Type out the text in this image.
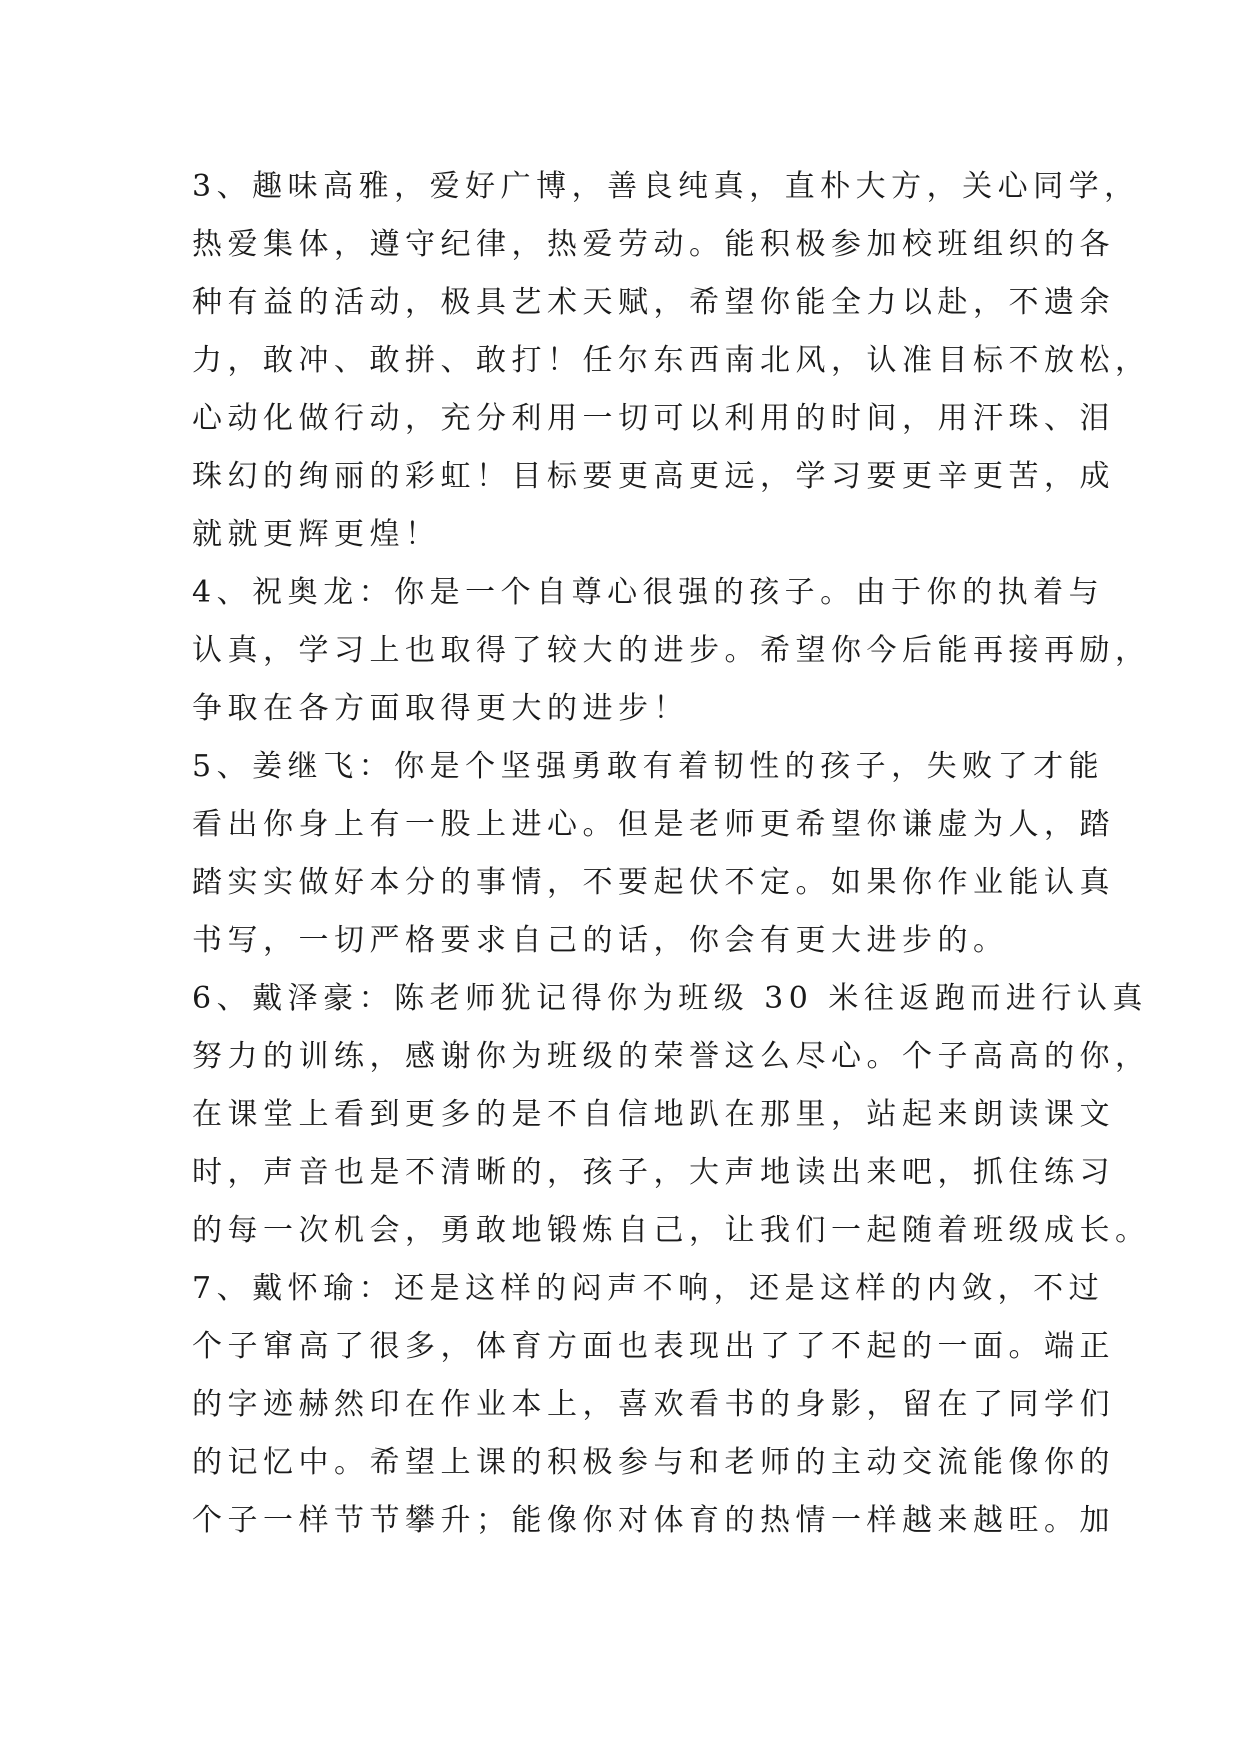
3、趣味高雅，爱好广博，善良纯真，直朴大方，关心同学，
热爱集体，遵守纪律，热爱劳动。能积极参加校班组织的各
种有益的活动，极具艺术天赋，希望你能全力以赴，不遗余
力，敢冲、敢拼、敢打！任尔东西南北风，认准目标不放松，
心动化做行动，充分利用一切可以利用的时间，用汗珠、泪
珠幻的绚丽的彩虹！目标要更高更远，学习要更辛更苦，成
就就更辉更煌！
4、祝奥龙：你是一个自尊心很强的孩子。由于你的执着与
认真，学习上也取得了较大的进步。希望你今后能再接再励，
争取在各方面取得更大的进步！
5、姜继飞：你是个坚强勇敢有着韧性的孩子，失败了才能
看出你身上有一股上进心。但是老师更希望你谦虚为人，踏
踏实实做好本分的事情，不要起伏不定。如果你作业能认真
书写，一切严格要求自己的话，你会有更大进步的。
6、戴泽豪：陈老师犹记得你为班级 30 米往返跑而进行认真
努力的训练，感谢你为班级的荣誉这么尽心。个子高高的你，
在课堂上看到更多的是不自信地趴在那里，站起来朗读课文
时，声音也是不清晰的，孩子，大声地读出来吧，抓住练习
的每一次机会，勇敢地锻炼自己，让我们一起随着班级成长。
7、戴怀瑜：还是这样的闷声不响，还是这样的内敛，不过
个子窜高了很多，体育方面也表现出了了不起的一面。端正
的字迹赫然印在作业本上，喜欢看书的身影，留在了同学们
的记忆中。希望上课的积极参与和老师的主动交流能像你的
个子一样节节攀升；能像你对体育的热情一样越来越旺。加
